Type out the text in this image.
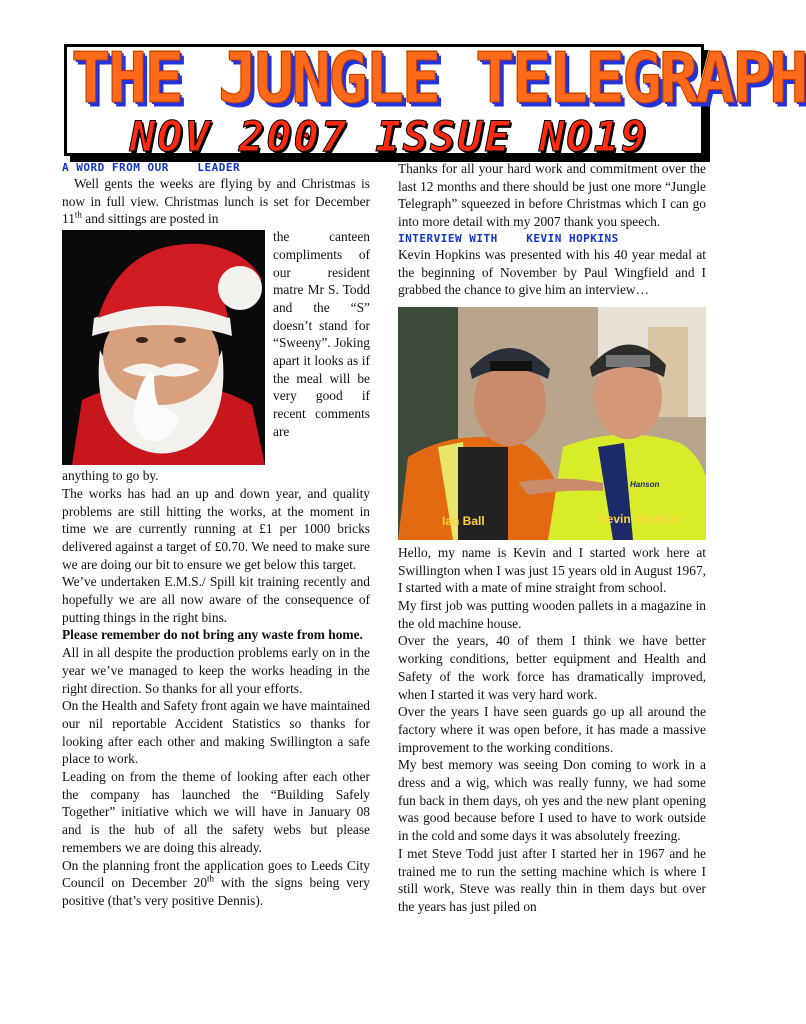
THE JUNGLE TELEGRAPH
NOV 2007 ISSUE NO19
A WORD FROM OUR    LEADER

Well gents the weeks are flying by and Christmas is now in full view. Christmas lunch is set for December 11th and sittings are posted in

the canteen compliments of our resident matre Mr S. Todd and the “S” doesn’t stand for “Sweeny”. Joking apart it looks as if the meal will be very good if recent comments are

anything to go by.

The works has had an up and down year, and quality problems are still hitting the works, at the moment in time we are currently running at £1 per 1000 bricks delivered against a target of £0.70. We need to make sure we are doing our bit to ensure we get below this target.

We’ve undertaken E.M.S./ Spill kit training recently and hopefully we are all now aware of the consequence of putting things in the right bins.

Please remember do not bring any waste from home.

All in all despite the production problems early on in the year we’ve managed to keep the works heading in the right direction. So thanks for all your efforts.

On the Health and Safety front again we have maintained our nil reportable Accident Statistics so thanks for looking after each other and making Swillington a safe place to work.

Leading on from the theme of looking after each other the company has launched the “Building Safely Together” initiative which we will have in January 08 and is the hub of all the safety webs but please remembers we are doing this already.

On the planning front the application goes to Leeds City Council on December 20th with the signs being very positive (that’s very positive Dennis).

Thanks for all your hard work and commitment over the last 12 months and there should be just one more “Jungle Telegraph” squeezed in before Christmas which I can go into more detail with my 2007 thank you speech.

INTERVIEW WITH    KEVIN HOPKINS

Kevin Hopkins was presented with his 40 year medal at the beginning of November by Paul Wingfield and I grabbed the chance to give him an interview…

Ian Ball	Kevin Hopkins
Hanson

Hello, my name is Kevin and I started work here at Swillington when I was just 15 years old in August 1967, I started with a mate of mine straight from school.

My first job was putting wooden pallets in a magazine in the old machine house.

Over the years, 40 of them I think we have better working conditions, better equipment and Health and Safety of the work force has dramatically improved, when I started it was very hard work.

Over the years I have seen guards go up all around the factory where it was open before, it has made a massive improvement to the working conditions.

My best memory was seeing Don coming to work in a dress and a wig, which was really funny, we had some fun back in them days, oh yes and the new plant opening was good because before I used to have to work outside in the cold and some days it was absolutely freezing.

I met Steve Todd just after I started her in 1967 and he trained me to run the setting machine which is where I still work, Steve was really thin in them days but over the years has just piled on
